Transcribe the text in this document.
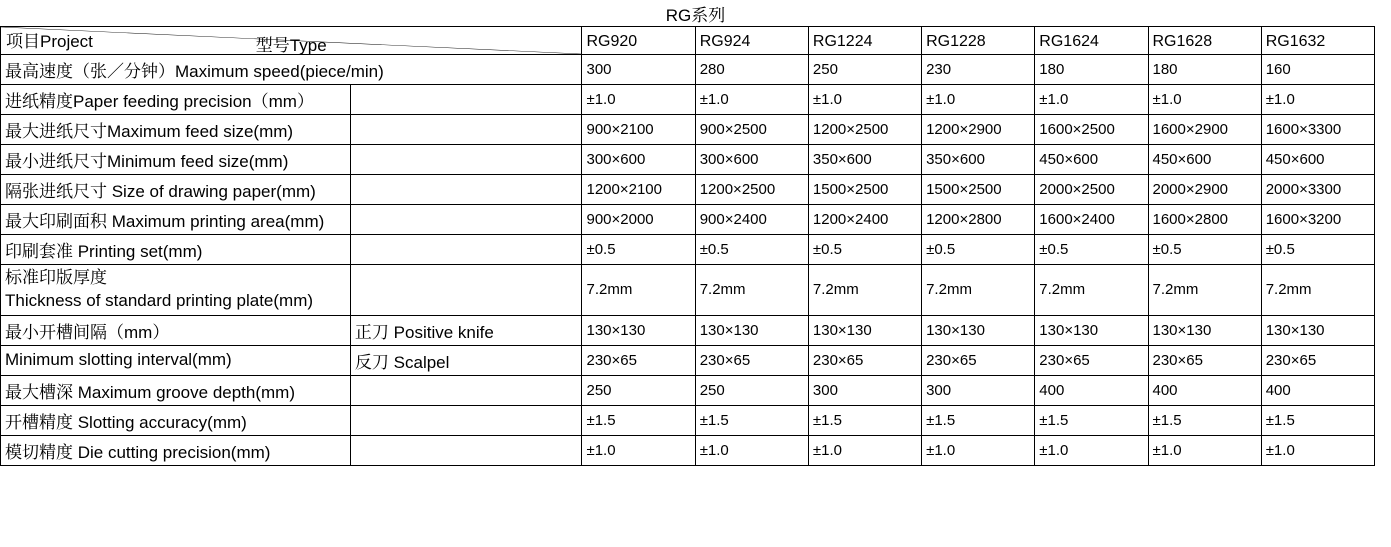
RG系列
型号Type
项目Project		RG920	RG924	RG1224	RG1228	RG1624	RG1628	RG1632
最高速度（张／分钟）Maximum speed(piece/min)		300	280	250	230	180	180	160
进纸精度Paper feeding precision（mm）		±1.0	±1.0	±1.0	±1.0	±1.0	±1.0	±1.0
最大进纸尺寸Maximum feed size(mm)		900×2100	900×2500	1200×2500	1200×2900	1600×2500	1600×2900	1600×3300
最小进纸尺寸Minimum feed size(mm)		300×600	300×600	350×600	350×600	450×600	450×600	450×600
隔张进纸尺寸 Size of drawing paper(mm)		1200×2100	1200×2500	1500×2500	1500×2500	2000×2500	2000×2900	2000×3300
最大印刷面积 Maximum printing area(mm)		900×2000	900×2400	1200×2400	1200×2800	1600×2400	1600×2800	1600×3200
印刷套准 Printing set(mm)		±0.5	±0.5	±0.5	±0.5	±0.5	±0.5	±0.5
标准印版厚度
Thickness of standard printing plate(mm)		7.2mm	7.2mm	7.2mm	7.2mm	7.2mm	7.2mm	7.2mm
最小开槽间隔（mm）	正刀 Positive knife	130×130	130×130	130×130	130×130	130×130	130×130	130×130
Minimum slotting interval(mm)	反刀 Scalpel	230×65	230×65	230×65	230×65	230×65	230×65	230×65
最大槽深 Maximum groove depth(mm)		250	250	300	300	400	400	400
开槽精度 Slotting accuracy(mm)		±1.5	±1.5	±1.5	±1.5	±1.5	±1.5	±1.5
模切精度 Die cutting precision(mm)		±1.0	±1.0	±1.0	±1.0	±1.0	±1.0	±1.0
